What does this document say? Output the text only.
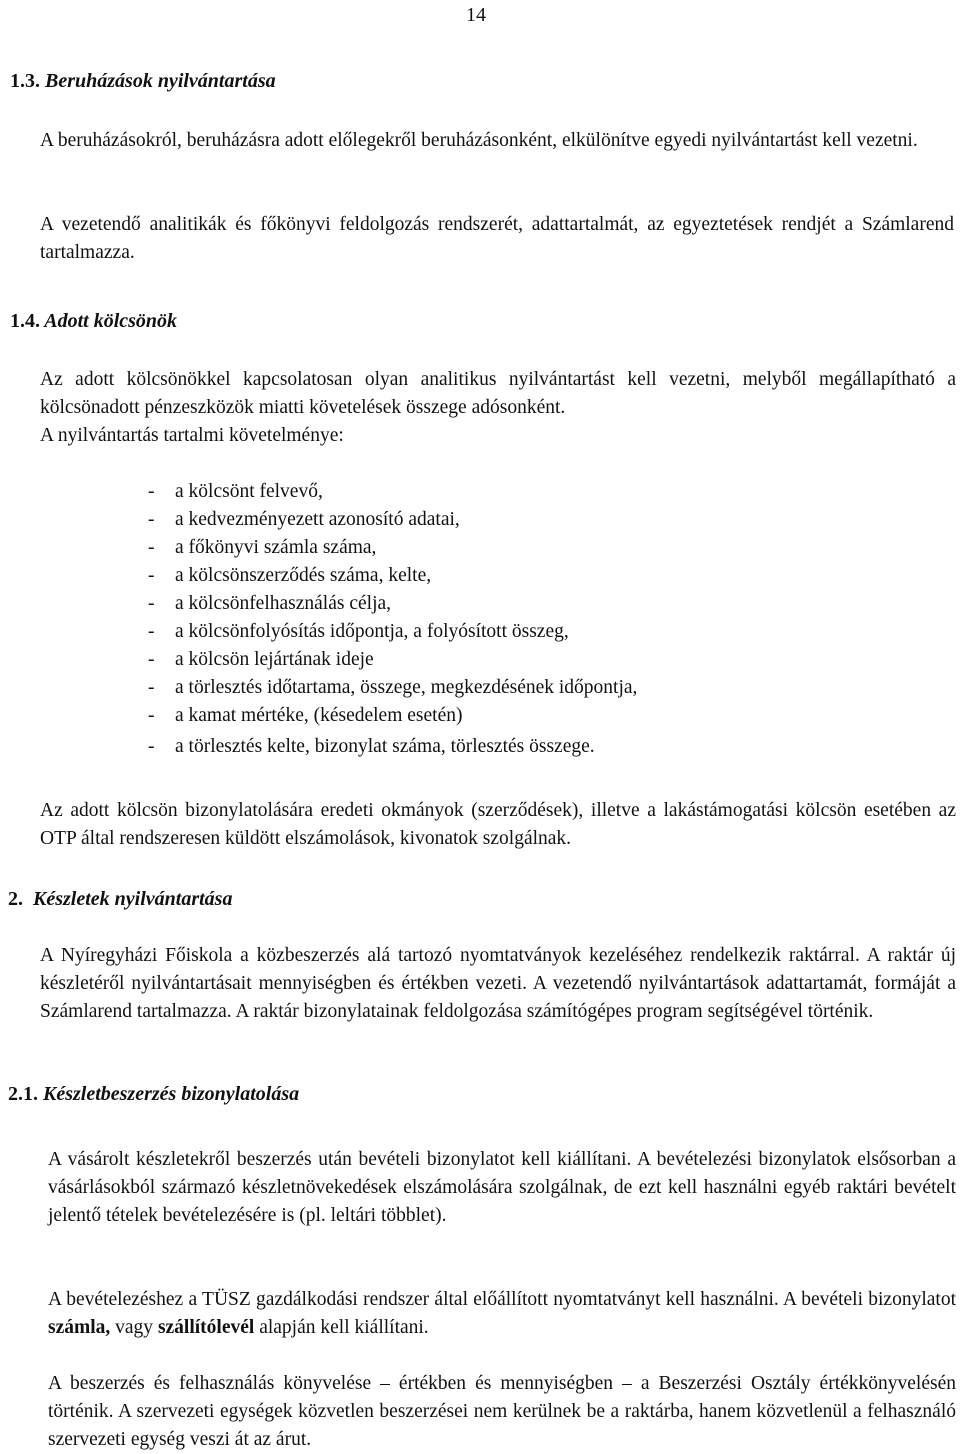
14
1.3. Beruházások nyilvántartása

A beruházásokról, beruházásra adott előlegekről beruházásonként, elkülönítve egyedi nyilvántartást kell vezetni.

A vezetendő analitikák és főkönyvi feldolgozás rendszerét, adattartalmát, az egyeztetések rendjét a Számlarend tartalmazza.

1.4. Adott kölcsönök

Az adott kölcsönökkel kapcsolatosan olyan analitikus nyilvántartást kell vezetni, melyből megállapítható a kölcsönadott pénzeszközök miatti követelések összege adósonként.

A nyilvántartás tartalmi követelménye:

- a kölcsönt felvevő,
- a kedvezményezett azonosító adatai,
- a főkönyvi számla száma,
- a kölcsönszerződés száma, kelte,
- a kölcsönfelhasználás célja,
- a kölcsönfolyósítás időpontja, a folyósított összeg,
- a kölcsön lejártának ideje
- a törlesztés időtartama, összege, megkezdésének időpontja,
- a kamat mértéke, (késedelem esetén)
- a törlesztés kelte, bizonylat száma, törlesztés összege.

Az adott kölcsön bizonylatolására eredeti okmányok (szerződések), illetve a lakástámogatási kölcsön esetében az OTP által rendszeresen küldött elszámolások, kivonatok szolgálnak.

2. Készletek nyilvántartása

A Nyíregyházi Főiskola a közbeszerzés alá tartozó nyomtatványok kezeléséhez rendelkezik raktárral. A raktár új készletéről nyilvántartásait mennyiségben és értékben vezeti. A vezetendő nyilvántartások adattartamát, formáját a Számlarend tartalmazza. A raktár bizonylatainak feldolgozása számítógépes program segítségével történik.

2.1. Készletbeszerzés bizonylatolása

A vásárolt készletekről beszerzés után bevételi bizonylatot kell kiállítani. A bevételezési bizonylatok elsősorban a vásárlásokból származó készletnövekedések elszámolására szolgálnak, de ezt kell használni egyéb raktári bevételt jelentő tételek bevételezésére is (pl. leltári többlet).

A bevételezéshez a TÜSZ gazdálkodási rendszer által előállított nyomtatványt kell használni. A bevételi bizonylatot számla, vagy szállítólevél alapján kell kiállítani.

A beszerzés és felhasználás könyvelése – értékben és mennyiségben – a Beszerzési Osztály értékkönyvelésén történik. A szervezeti egységek közvetlen beszerzései nem kerülnek be a raktárba, hanem közvetlenül a felhasználó szervezeti egység veszi át az árut.
